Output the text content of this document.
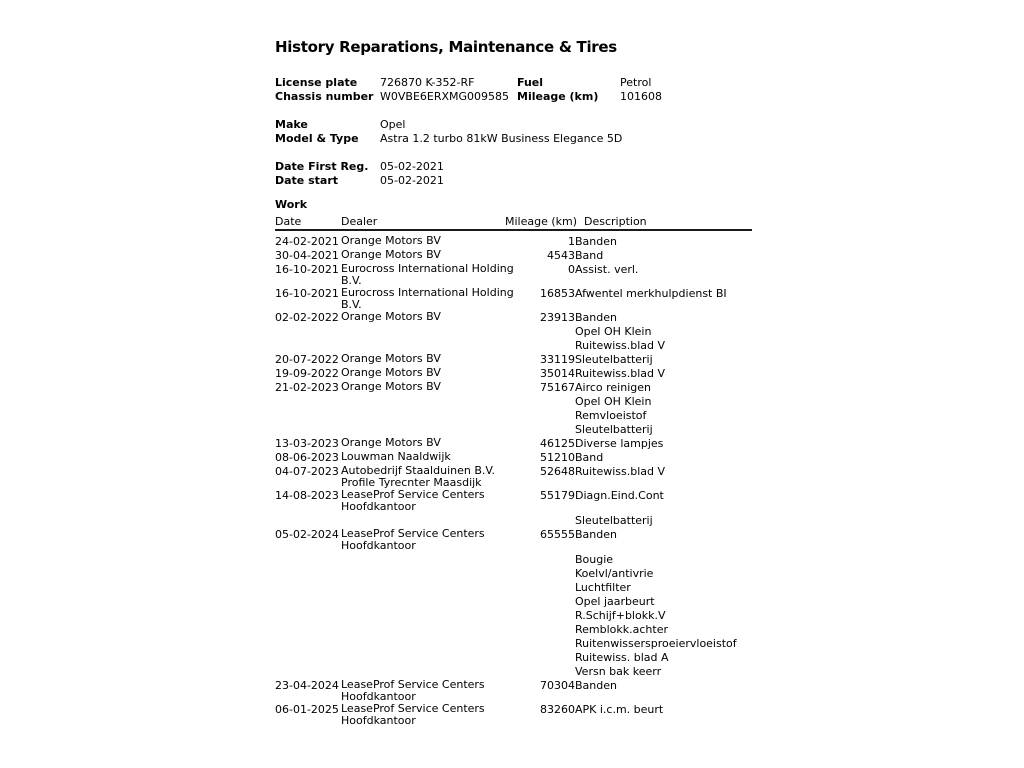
History Reparations, Maintenance & Tires
License plate	726870 K-352-RF	Fuel	Petrol
Chassis number W0VBE6ERXMG009585 Mileage (km)	101608
Make	Opel
Model & Type	Astra 1.2 turbo 81kW Business Elegance 5D
Date First Reg.	05-02-2021
Date start	05-02-2021
Work
Date	Dealer	Mileage (km)	Description
24-02-2021	Orange Motors BV	1	Banden

30-04-2021	Orange Motors BV	4543	Band

16-10-2021	Eurocross International Holding
B.V.	0	Assist. verl.

16-10-2021	Eurocross International Holding
B.V.	16853	Afwentel merkhulpdienst BI

02-02-2022	Orange Motors BV	23913	Banden
Opel OH Klein
Ruitewiss.blad V

20-07-2022	Orange Motors BV	33119	Sleutelbatterij

19-09-2022	Orange Motors BV	35014	Ruitewiss.blad V

21-02-2023	Orange Motors BV	75167	Airco reinigen
Opel OH Klein
Remvloeistof
Sleutelbatterij

13-03-2023	Orange Motors BV	46125	Diverse lampjes

08-06-2023	Louwman Naaldwijk	51210	Band

04-07-2023	Autobedrijf Staalduinen B.V.
Profile Tyrecnter Maasdijk	52648	Ruitewiss.blad V

14-08-2023	LeaseProf Service Centers
Hoofdkantoor
	55179	Diagn.Eind.Cont
Sleutelbatterij

05-02-2024	LeaseProf Service Centers
Hoofdkantoor
	65555	Banden
Bougie
Koelvl/antivrie
Luchtfilter
Opel jaarbeurt
R.Schijf+blokk.V
Remblokk.achter
Ruitenwissersproeiervloeistof
Ruitewiss. blad A
Versn bak keerr

23-04-2024	LeaseProf Service Centers
Hoofdkantoor	70304	Banden

06-01-2025	LeaseProf Service Centers
Hoofdkantoor	83260	APK i.c.m. beurt
